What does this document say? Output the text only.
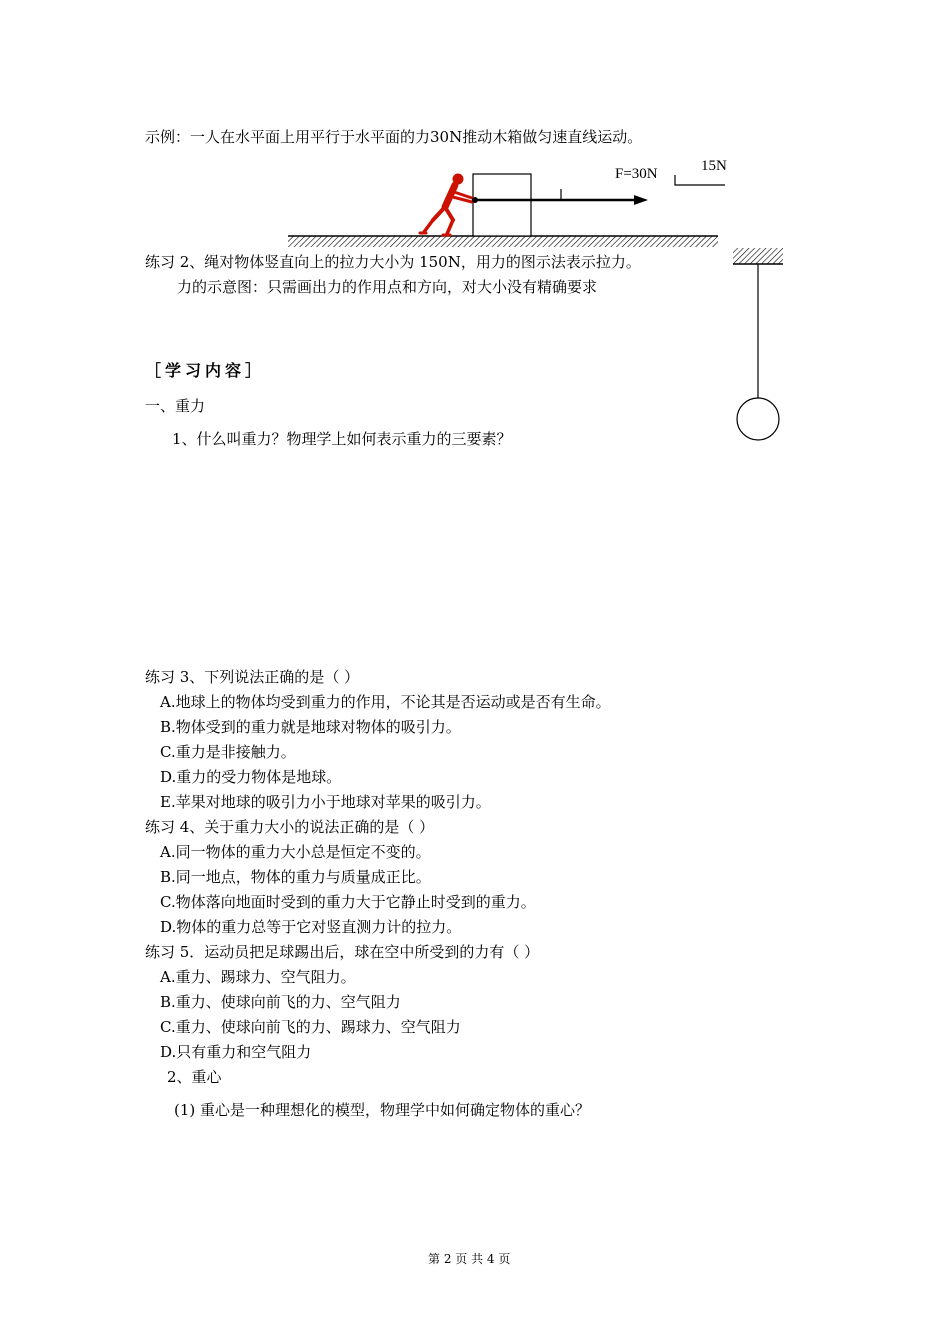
示例：一人在水平面上用平行于水平面的力30N推动木箱做匀速直线运动。
F=30N	15N
练习 2、绳对物体竖直向上的拉力大小为 150N，用力的图示法表示拉力。
力的示意图：只需画出力的作用点和方向，对大小没有精确要求
［学习内容］
一、重力
1、什么叫重力？物理学上如何表示重力的三要素？
练习 3、下列说法正确的是（ ）
A.地球上的物体均受到重力的作用，不论其是否运动或是否有生命。
B.物体受到的重力就是地球对物体的吸引力。
C.重力是非接触力。
D.重力的受力物体是地球。
E.苹果对地球的吸引力小于地球对苹果的吸引力。
练习 4、关于重力大小的说法正确的是（ ）
A.同一物体的重力大小总是恒定不变的。
B.同一地点，物体的重力与质量成正比。
C.物体落向地面时受到的重力大于它静止时受到的重力。
D.物体的重力总等于它对竖直测力计的拉力。
练习 5．运动员把足球踢出后，球在空中所受到的力有（ ）
A.重力、踢球力、空气阻力。
B.重力、使球向前飞的力、空气阻力
C.重力、使球向前飞的力、踢球力、空气阻力
D.只有重力和空气阻力
2、重心
(1) 重心是一种理想化的模型，物理学中如何确定物体的重心？
第 2 页 共 4 页
